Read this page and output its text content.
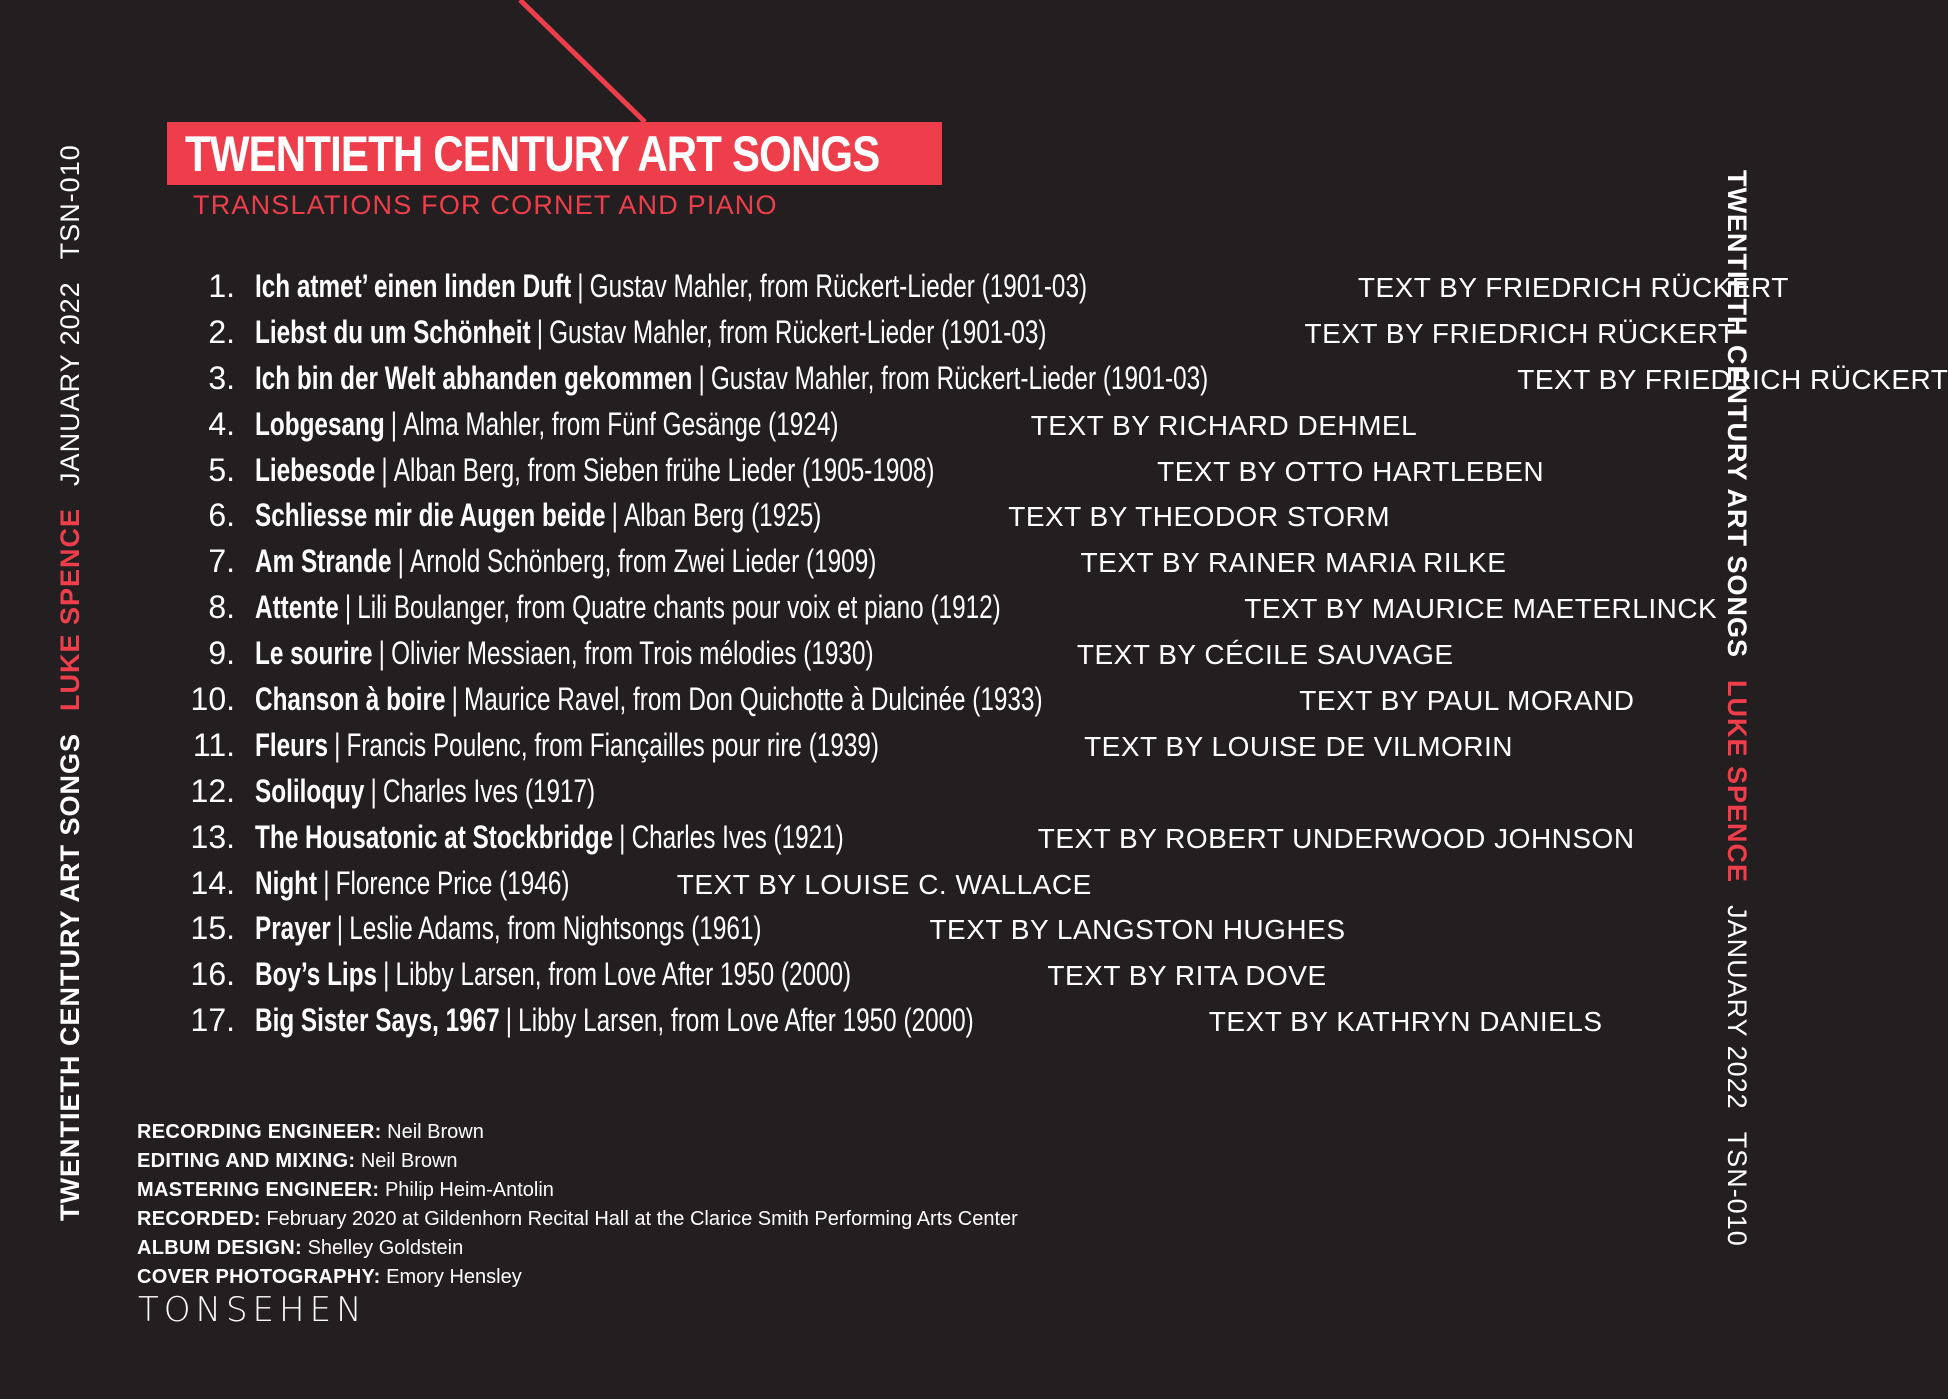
TWENTIETH CENTURY ART SONGS
TRANSLATIONS FOR CORNET AND PIANO
1. Ich atmet’ einen linden Duft | Gustav Mahler, from Rückert-Lieder (1901-03)	TEXT BY FRIEDRICH RÜCKERT
2. Liebst du um Schönheit | Gustav Mahler, from Rückert-Lieder (1901-03)	TEXT BY FRIEDRICH RÜCKERT
3. Ich bin der Welt abhanden gekommen | Gustav Mahler, from Rückert-Lieder (1901-03)	TEXT BY FRIEDRICH RÜCKERT
4. Lobgesang | Alma Mahler, from Fünf Gesänge (1924)	TEXT BY RICHARD DEHMEL
5. Liebesode | Alban Berg, from Sieben frühe Lieder (1905-1908)	TEXT BY OTTO HARTLEBEN
6. Schliesse mir die Augen beide | Alban Berg (1925)	TEXT BY THEODOR STORM
7. Am Strande | Arnold Schönberg, from Zwei Lieder (1909)	TEXT BY RAINER MARIA RILKE
8. Attente | Lili Boulanger, from Quatre chants pour voix et piano (1912)	TEXT BY MAURICE MAETERLINCK
9. Le sourire | Olivier Messiaen, from Trois mélodies (1930)	TEXT BY CÉCILE SAUVAGE
10. Chanson à boire | Maurice Ravel, from Don Quichotte à Dulcinée (1933)	TEXT BY PAUL MORAND
11. Fleurs | Francis Poulenc, from Fiançailles pour rire (1939)	TEXT BY LOUISE DE VILMORIN
12. Soliloquy | Charles Ives (1917)
13. The Housatonic at Stockbridge | Charles Ives (1921)	TEXT BY ROBERT UNDERWOOD JOHNSON
14. Night | Florence Price (1946)	TEXT BY LOUISE C. WALLACE
15. Prayer | Leslie Adams, from Nightsongs (1961)	TEXT BY LANGSTON HUGHES
16. Boy’s Lips | Libby Larsen, from Love After 1950 (2000)	TEXT BY RITA DOVE
17. Big Sister Says, 1967 | Libby Larsen, from Love After 1950 (2000)	TEXT BY KATHRYN DANIELS
RECORDING ENGINEER: Neil Brown
EDITING AND MIXING: Neil Brown
MASTERING ENGINEER: Philip Heim-Antolin
RECORDED: February 2020 at Gildenhorn Recital Hall at the Clarice Smith Performing Arts Center
ALBUM DESIGN: Shelley Goldstein
COVER PHOTOGRAPHY: Emory Hensley
TONSEHEN
TWENTIETH CENTURY ART SONGSLUKE SPENCEJANUARY 2022TSN-010	TWENTIETH CENTURY ART SONGSLUKE SPENCEJANUARY 2022TSN-010
